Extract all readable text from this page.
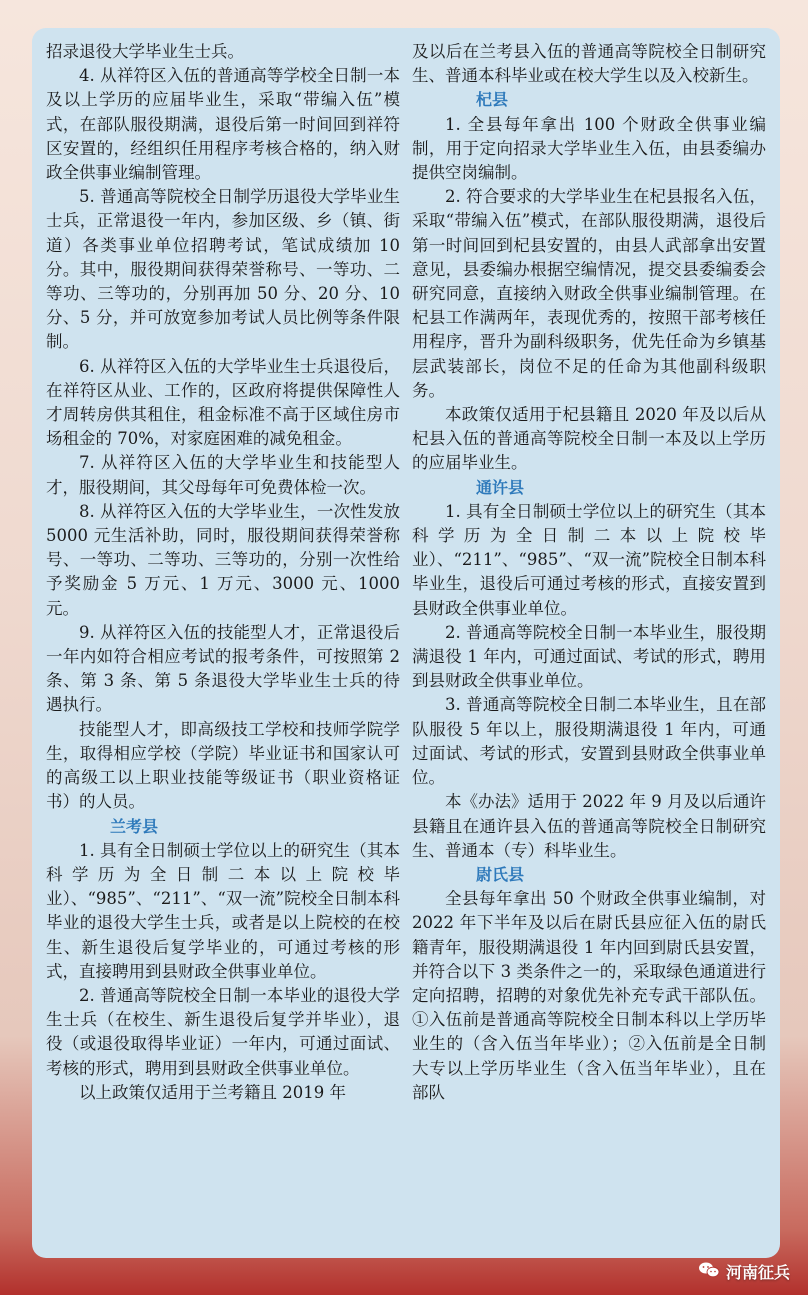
招录退役大学毕业生士兵。

4. 从祥符区入伍的普通高等学校全日制一本及以上学历的应届毕业生，采取“带编入伍”模式，在部队服役期满，退役后第一时间回到祥符区安置的，经组织任用程序考核合格的，纳入财政全供事业编制管理。

5. 普通高等院校全日制学历退役大学毕业生士兵，正常退役一年内，参加区级、乡（镇、街道）各类事业单位招聘考试，笔试成绩加 10 分。其中，服役期间获得荣誉称号、一等功、二等功、三等功的，分别再加 50 分、20 分、10 分、5 分，并可放宽参加考试人员比例等条件限制。

6. 从祥符区入伍的大学毕业生士兵退役后，在祥符区从业、工作的，区政府将提供保障性人才周转房供其租住，租金标准不高于区域住房市场租金的 70%，对家庭困难的减免租金。

7. 从祥符区入伍的大学毕业生和技能型人才，服役期间，其父母每年可免费体检一次。

8. 从祥符区入伍的大学毕业生，一次性发放 5000 元生活补助，同时，服役期间获得荣誉称号、一等功、二等功、三等功的，分别一次性给予奖励金 5 万元、1 万元、3000 元、1000 元。

9. 从祥符区入伍的技能型人才，正常退役后一年内如符合相应考试的报考条件，可按照第 2 条、第 3 条、第 5 条退役大学毕业生士兵的待遇执行。

技能型人才，即高级技工学校和技师学院学生，取得相应学校（学院）毕业证书和国家认可的高级工以上职业技能等级证书（职业资格证书）的人员。

兰考县

1. 具有全日制硕士学位以上的研究生（其本科学历为全日制二本以上院校毕业）、“985”、“211”、“双一流”院校全日制本科毕业的退役大学生士兵，或者是以上院校的在校生、新生退役后复学毕业的，可通过考核的形式，直接聘用到县财政全供事业单位。

2. 普通高等院校全日制一本毕业的退役大学生士兵（在校生、新生退役后复学并毕业），退役（或退役取得毕业证）一年内，可通过面试、考核的形式，聘用到县财政全供事业单位。

以上政策仅适用于兰考籍且 2019 年

及以后在兰考县入伍的普通高等院校全日制研究生、普通本科毕业或在校大学生以及入校新生。

杞县

1. 全县每年拿出 100 个财政全供事业编制，用于定向招录大学毕业生入伍，由县委编办提供空岗编制。

2. 符合要求的大学毕业生在杞县报名入伍，采取“带编入伍”模式，在部队服役期满，退役后第一时间回到杞县安置的，由县人武部拿出安置意见，县委编办根据空编情况，提交县委编委会研究同意，直接纳入财政全供事业编制管理。在杞县工作满两年，表现优秀的，按照干部考核任用程序，晋升为副科级职务，优先任命为乡镇基层武装部长，岗位不足的任命为其他副科级职务。

本政策仅适用于杞县籍且 2020 年及以后从杞县入伍的普通高等院校全日制一本及以上学历的应届毕业生。

通许县

1. 具有全日制硕士学位以上的研究生（其本科学历为全日制二本以上院校毕业）、“211”、“985”、“双一流”院校全日制本科毕业生，退役后可通过考核的形式，直接安置到县财政全供事业单位。

2. 普通高等院校全日制一本毕业生，服役期满退役 1 年内，可通过面试、考试的形式，聘用到县财政全供事业单位。

3. 普通高等院校全日制二本毕业生，且在部队服役 5 年以上，服役期满退役 1 年内，可通过面试、考试的形式，安置到县财政全供事业单位。

本《办法》适用于 2022 年 9 月及以后通许县籍且在通许县入伍的普通高等院校全日制研究生、普通本（专）科毕业生。

尉氏县

全县每年拿出 50 个财政全供事业编制，对 2022 年下半年及以后在尉氏县应征入伍的尉氏籍青年，服役期满退役 1 年内回到尉氏县安置，并符合以下 3 类条件之一的，采取绿色通道进行定向招聘，招聘的对象优先补充专武干部队伍。①入伍前是普通高等院校全日制本科以上学历毕业生的（含入伍当年毕业）；②入伍前是全日制大专以上学历毕业生（含入伍当年毕业），且在部队

河南征兵
